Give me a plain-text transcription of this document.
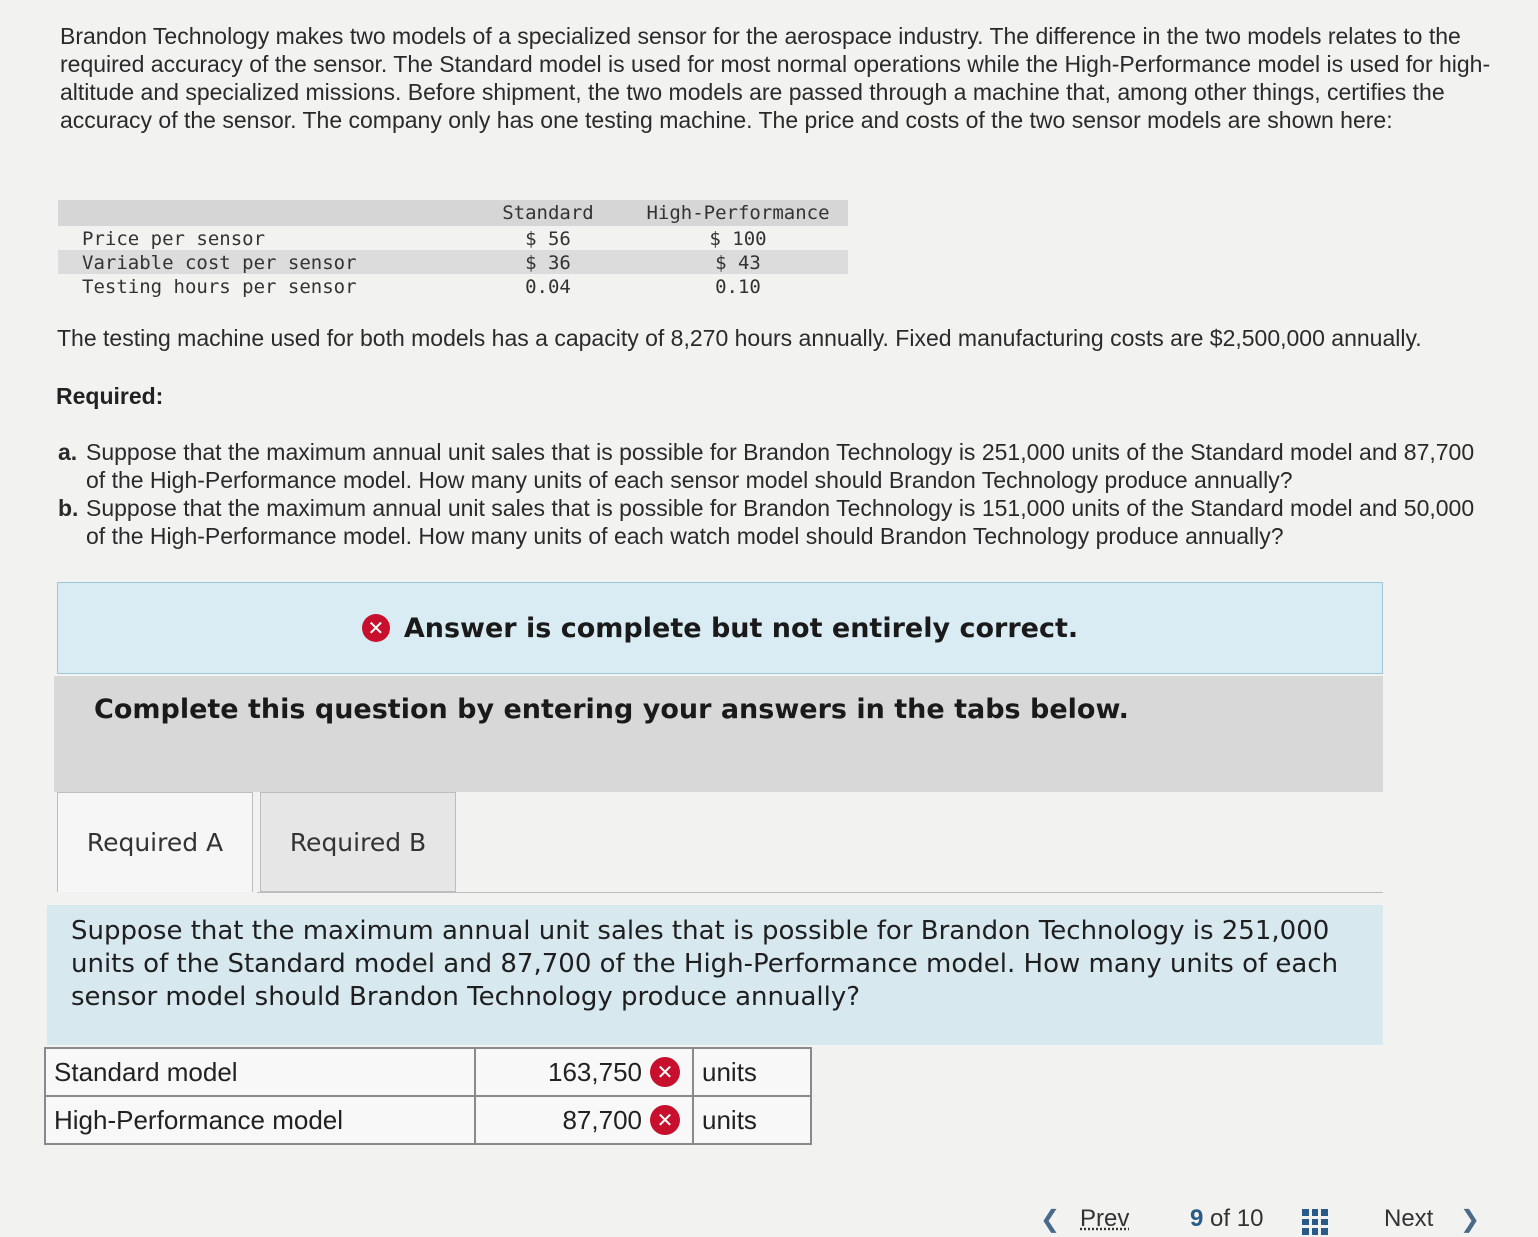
Brandon Technology makes two models of a specialized sensor for the aerospace industry. The difference in the two models relates to the required accuracy of the sensor. The Standard model is used for most normal operations while the High-Performance model is used for high-altitude and specialized missions. Before shipment, the two models are passed through a machine that, among other things, certifies the accuracy of the sensor. The company only has one testing machine. The price and costs of the two sensor models are shown here:
Standard	High-Performance
Price per sensor	$ 56	$ 100
Variable cost per sensor	$ 36	$ 43
Testing hours per sensor	0.04	0.10
The testing machine used for both models has a capacity of 8,270 hours annually. Fixed manufacturing costs are $2,500,000 annually.
Required:
a. Suppose that the maximum annual unit sales that is possible for Brandon Technology is 251,000 units of the Standard model and 87,700 of the High-Performance model. How many units of each sensor model should Brandon Technology produce annually?
b. Suppose that the maximum annual unit sales that is possible for Brandon Technology is 151,000 units of the Standard model and 50,000 of the High-Performance model. How many units of each watch model should Brandon Technology produce annually?
✕ Answer is complete but not entirely correct.
Complete this question by entering your answers in the tabs below.
Required A	Required B
Suppose that the maximum annual unit sales that is possible for Brandon Technology is 251,000 units of the Standard model and 87,700 of the High-Performance model. How many units of each sensor model should Brandon Technology produce annually?
Standard model	163,750 ✕	units
High-Performance model	87,700 ✕	units
❮ Prev	9 of 10	Next ❯
